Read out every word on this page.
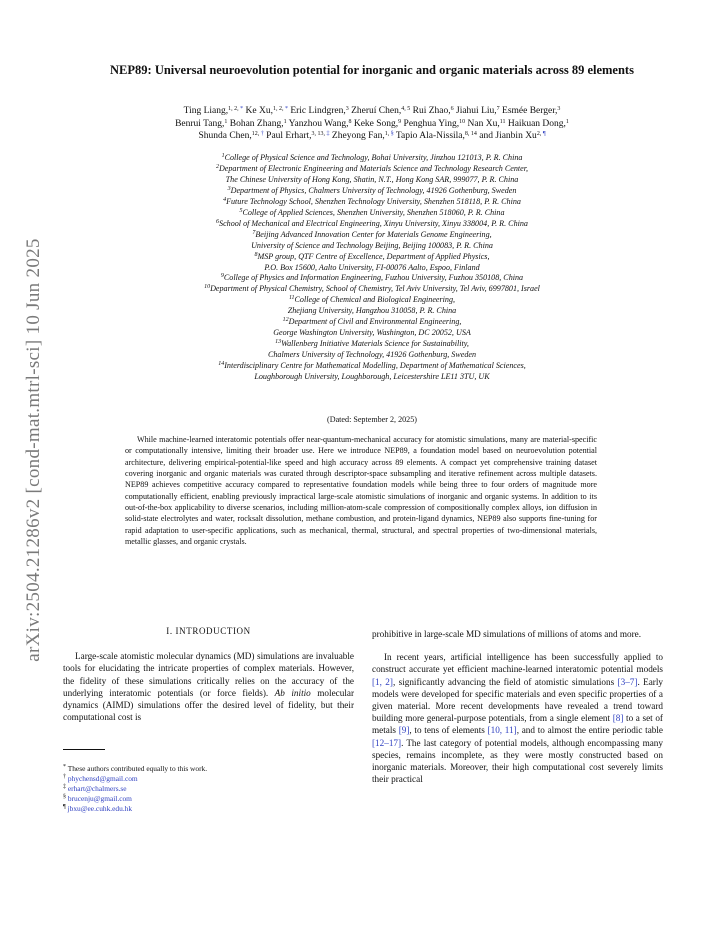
arXiv:2504.21286v2 [cond-mat.mtrl-sci] 10 Jun 2025
NEP89: Universal neuroevolution potential for inorganic and organic materials across 89 elements
Ting Liang,$^{1, 2,}$ * Ke Xu,$^{1, 2,}$ * Eric Lindgren,$^3$ Zheruí Chen,$^{4, 5}$ Rui Zhao,$^6$ Jiahui Liu,$^7$ Esmée Berger,$^3$
Benrui Tang,$^1$ Bohan Zhang,$^1$ Yanzhou Wang,$^8$ Keke Song,$^9$ Penghua Ying,$^{10}$ Nan Xu,$^{11}$ Haikuan Dong,$^1$
Shunda Chen,$^{12,}$ † Paul Erhart,$^{3, 13,}$ ‡ Zheyong Fan,$^{1,}$ § Tapio Ala-Nissila,$^{8, 14}$ and Jianbin $Xu^{2,}$ ¶
$^1$College of Physical Science and Technology, Bohai University, Jinzhou 121013, P. R. China
$^2$Department of Electronic Engineering and Materials Science and Technology Research Center,
The Chinese University of Hong Kong, Shatin, N.T., Hong Kong SAR, 999077, P. R. China
$^3$Department of Physics, Chalmers University of Technology, 41926 Gothenburg, Sweden
$^4$Future Technology School, Shenzhen Technology University, Shenzhen 518118, P. R. China
$^5$College of Applied Sciences, Shenzhen University, Shenzhen 518060, P. R. China
$^6$School of Mechanical and Electrical Engineering, Xinyu University, Xinyu 338004, P. R. China
$^7$Beijing Advanced Innovation Center for Materials Genome Engineering,
University of Science and Technology Beijing, Beijing 100083, P. R. China
$^8$MSP group, QTF Centre of Excellence, Department of Applied Physics,
P.O. Box 15600, Aalto University, FI-00076 Aalto, Espoo, Finland
$^9$College of Physics and Information Engineering, Fuzhou University, Fuzhou 350108, China
$^{10}$Department of Physical Chemistry, School of Chemistry, Tel Aviv University, Tel Aviv, 6997801, Israel
$^{11}$College of Chemical and Biological Engineering,
Zhejiang University, Hangzhou 310058, P. R. China
$^{12}$Department of Civil and Environmental Engineering,
George Washington University, Washington, DC 20052, USA
$^{13}$Wallenberg Initiative Materials Science for Sustainability,
Chalmers University of Technology, 41926 Gothenburg, Sweden
$^{14}$Interdisciplinary Centre for Mathematical Modelling, Department of Mathematical Sciences,
Loughborough University, Loughborough, Leicestershire LE11 3TU, UK
(Dated: September 2, 2025)

While machine-learned interatomic potentials offer near-quantum-mechanical accuracy for atomistic simulations, many are material-specific or computationally intensive, limiting their broader use. Here we introduce NEP89, a foundation model based on neuroevolution potential architecture, delivering empirical-potential-like speed and high accuracy across 89 elements. A compact yet comprehensive training dataset covering inorganic and organic materials was curated through descriptor-space subsampling and iterative refinement across multiple datasets. NEP89 achieves competitive accuracy compared to representative foundation models while being three to four orders of magnitude more computationally efficient, enabling previously impractical large-scale atomistic simulations of inorganic and organic systems. In addition to its out-of-the-box applicability to diverse scenarios, including million-atom-scale compression of compositionally complex alloys, ion diffusion in solid-state electrolytes and water, rocksalt dissolution, methane combustion, and protein-ligand dynamics, NEP89 also supports fine-tuning for rapid adaptation to user-specific applications, such as mechanical, thermal, structural, and spectral properties of two-dimensional materials, metallic glasses, and organic crystals.

I. INTRODUCTION

Large-scale atomistic molecular dynamics (MD) simulations are invaluable tools for elucidating the intricate properties of complex materials. However, the fidelity of these simulations critically relies on the accuracy of the underlying interatomic potentials (or force fields). Ab initio molecular dynamics (AIMD) simulations offer the desired level of fidelity, but their computational cost is

* These authors contributed equally to this work.
† phychensd@gmail.com
‡ erhart@chalmers.se
§ brucenju@gmail.com
¶ jbxu@ee.cuhk.edu.hk

prohibitive in large-scale MD simulations of millions of atoms and more.

In recent years, artificial intelligence has been successfully applied to construct accurate yet efficient machine-learned interatomic potential models [1, 2], significantly advancing the field of atomistic simulations [3–7]. Early models were developed for specific materials and even specific properties of a given material. More recent developments have revealed a trend toward building more general-purpose potentials, from a single element [8] to a set of metals [9], to tens of elements [10, 11], and to almost the entire periodic table [12–17]. The last category of potential models, although encompassing many species, remains incomplete, as they were mostly constructed based on inorganic materials. Moreover, their high computational cost severely limits their practical
